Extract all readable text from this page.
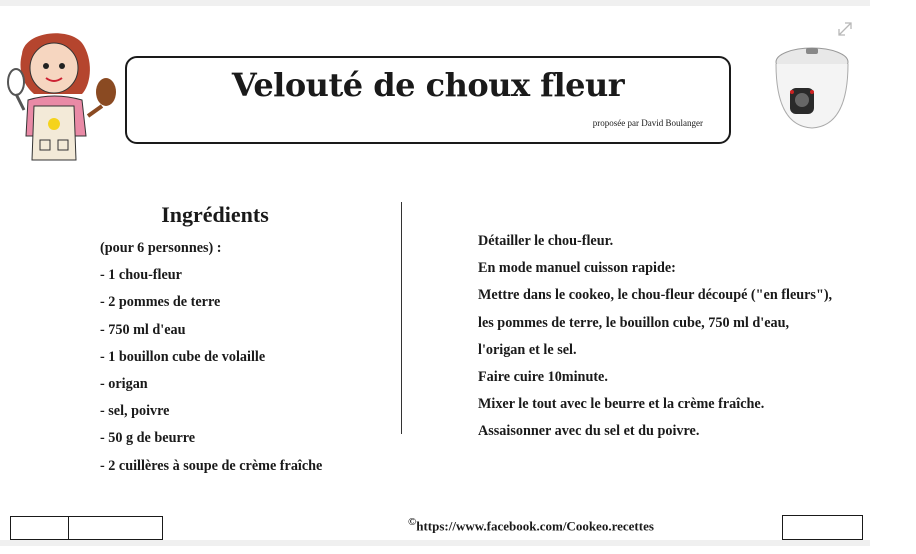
Velouté de choux fleur
proposée par David Boulanger
Ingrédients
(pour 6 personnes) :
- 1 chou-fleur
- 2 pommes de terre
- 750 ml d'eau
- 1 bouillon cube de volaille
- origan
- sel, poivre
- 50 g de beurre
- 2 cuillères à soupe de crème fraîche
Détailler le chou-fleur.
En mode manuel cuisson rapide:
Mettre dans le cookeo, le chou-fleur découpé ("en fleurs"), les pommes de terre, le bouillon cube, 750 ml d'eau, l'origan et le sel.
Faire cuire 10minute.
Mixer le tout avec le beurre et la crème fraîche.
Assaisonner avec du sel et du poivre.
©https://www.facebook.com/Cookeo.recettes
